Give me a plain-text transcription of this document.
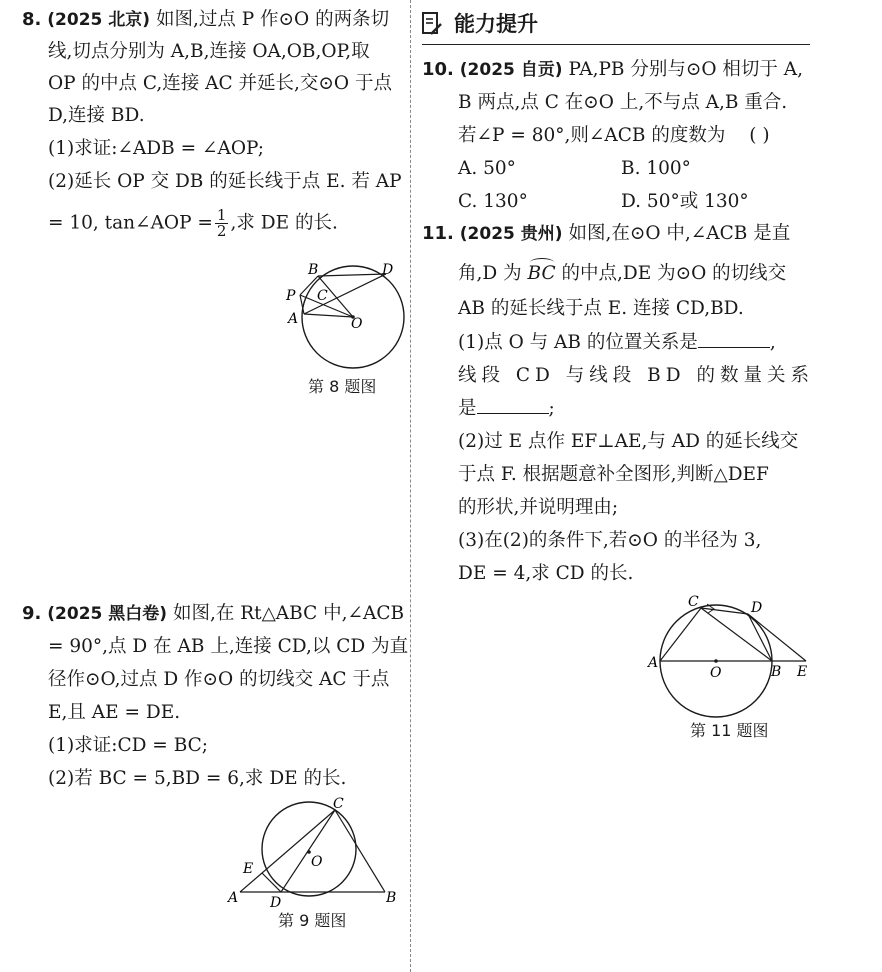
8. (2025 北京) 如图,过点 P 作⊙O 的两条切
线,切点分别为 A,B,连接 OA,OB,OP,取
OP 的中点 C,连接 AC 并延长,交⊙O 于点
D,连接 BD.
(1)求证:∠ADB = ∠AOP;
(2)延长 OP 交 DB 的延长线于点 E. 若 AP
= 10, tan∠AOP = $\frac{1}{2}$ ,求 DE 的长.
B	D
P C
A	O
第 8 题图
9. (2025 黑白卷) 如图,在 Rt△ABC 中,∠ACB
= 90°,点 D 在 AB 上,连接 CD,以 CD 为直
径作⊙O,过点 D 作⊙O 的切线交 AC 于点
E,且 AE = DE.
(1)求证:CD = BC;
(2)若 BC = 5,BD = 6,求 DE 的长.
C
E	O
A D	B
第 9 题图
能力提升
10. (2025 自贡) PA,PB 分别与⊙O 相切于 A,
B 两点,点 C 在⊙O 上,不与点 A,B 重合.
若∠P = 80°,则∠ACB 的度数为 ( )
A. 50°	B. 100°
C. 130°	D. 50°或 130°
11. (2025 贵州) 如图,在⊙O 中,∠ACB 是直
角,D 为 BC 的中点,DE 为⊙O 的切线交
AB 的延长线于点 E. 连接 CD,BD.
(1)点 O 与 AB 的位置关系是	,
线段 CD 与线段 BD 的数量关系
是	;
(2)过 E 点作 EF⊥AE,与 AD 的延长线交
于点 F. 根据题意补全图形,判断△DEF
的形状,并说明理由;
(3)在(2)的条件下,若⊙O 的半径为 3,
DE = 4,求 CD 的长.
C	D
A
O	B E
第 11 题图
